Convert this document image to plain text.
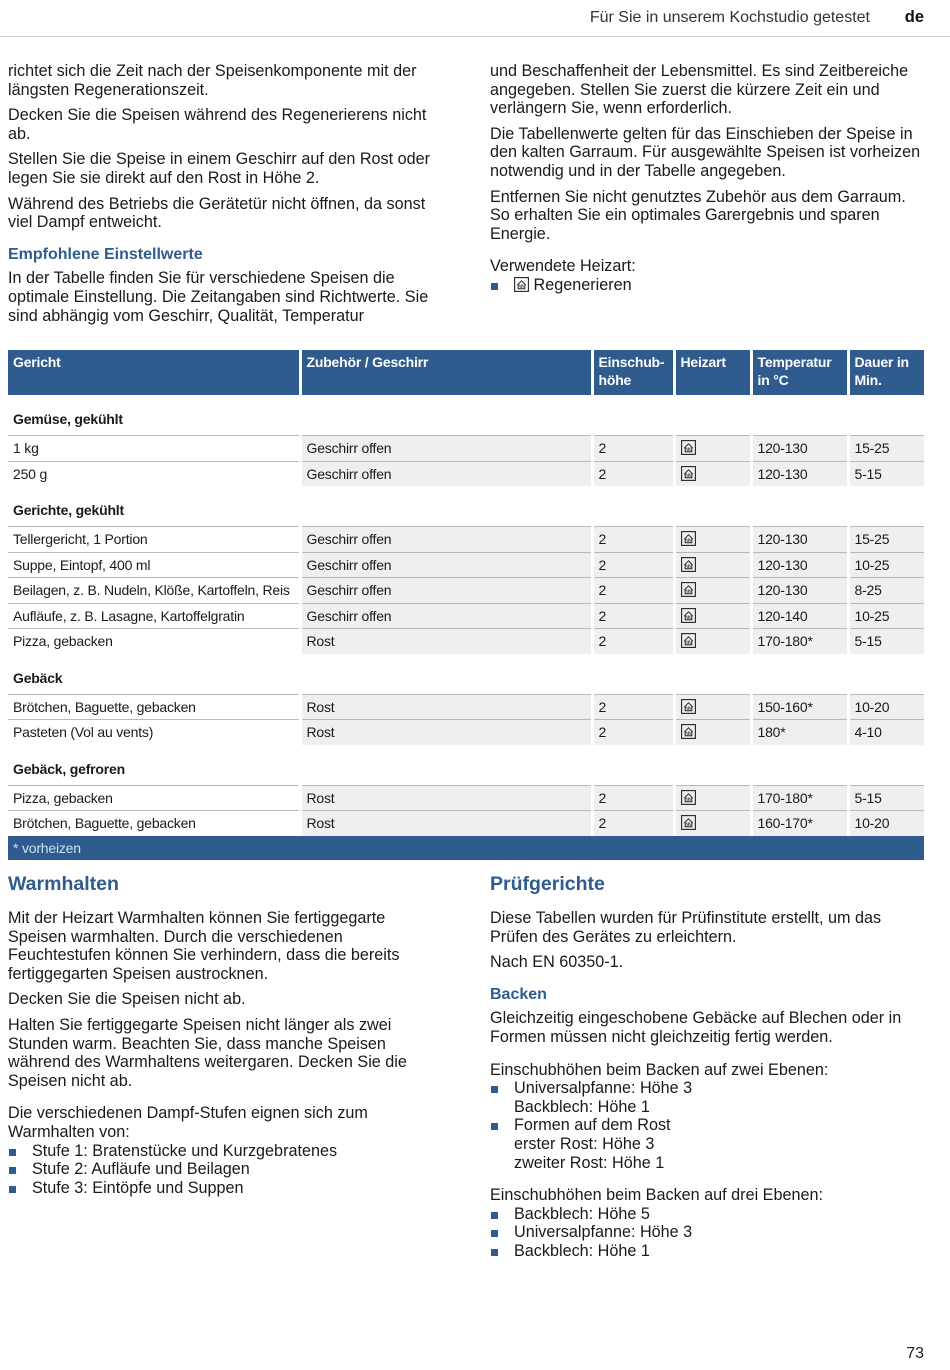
Für Sie in unserem Kochstudio getestet de

richtet sich die Zeit nach der Speisenkomponente mit der längsten Regenerationszeit.

Decken Sie die Speisen während des Regenerierens nicht ab.

Stellen Sie die Speise in einem Geschirr auf den Rost oder legen Sie sie direkt auf den Rost in Höhe 2.

Während des Betriebs die Gerätetür nicht öffnen, da sonst viel Dampf entweicht.

Empfohlene Einstellwerte

In der Tabelle finden Sie für verschiedene Speisen die optimale Einstellung. Die Zeitangaben sind Richtwerte. Sie sind abhängig vom Geschirr, Qualität, Temperatur

und Beschaffenheit der Lebensmittel. Es sind Zeitbereiche angegeben. Stellen Sie zuerst die kürzere Zeit ein und verlängern Sie, wenn erforderlich.

Die Tabellenwerte gelten für das Einschieben der Speise in den kalten Garraum. Für ausgewählte Speisen ist vorheizen notwendig und in der Tabelle angegeben.

Entfernen Sie nicht genutztes Zubehör aus dem Garraum. So erhalten Sie ein optimales Garergebnis und sparen Energie.

Verwendete Heizart:

Regenerieren
Gericht	Zubehör / Geschirr	Einschub-höhe	Heizart	Temperatur in °C	Dauer in Min.
Gemüse, gekühlt					
1 kg	Geschirr offen	2		120-130	15-25
250 g	Geschirr offen	2		120-130	5-15
Gerichte, gekühlt					
Tellergericht, 1 Portion	Geschirr offen	2		120-130	15-25
Suppe, Eintopf, 400 ml	Geschirr offen	2		120-130	10-25
Beilagen, z. B. Nudeln, Klöße, Kartoffeln, Reis	Geschirr offen	2		120-130	8-25
Aufläufe, z. B. Lasagne, Kartoffelgratin	Geschirr offen	2		120-140	10-25
Pizza, gebacken	Rost	2		170-180*	5-15
Gebäck					
Brötchen, Baguette, gebacken	Rost	2		150-160*	10-20
Pasteten (Vol au vents)	Rost	2		180*	4-10
Gebäck, gefroren					
Pizza, gebacken	Rost	2		170-180*	5-15
Brötchen, Baguette, gebacken	Rost	2		160-170*	10-20
* vorheizen					
Warmhalten

Mit der Heizart Warmhalten können Sie fertiggegarte Speisen warmhalten. Durch die verschiedenen Feuchtestufen können Sie verhindern, dass die bereits fertiggegarten Speisen austrocknen.

Decken Sie die Speisen nicht ab.

Halten Sie fertiggegarte Speisen nicht länger als zwei Stunden warm. Beachten Sie, dass manche Speisen während des Warmhaltens weitergaren. Decken Sie die Speisen nicht ab.

Die verschiedenen Dampf-Stufen eignen sich zum Warmhalten von:

Stufe 1: Bratenstücke und Kurzgebratenes
Stufe 2: Aufläufe und Beilagen
Stufe 3: Eintöpfe und Suppen
Prüfgerichte

Diese Tabellen wurden für Prüfinstitute erstellt, um das Prüfen des Gerätes zu erleichtern.

Nach EN 60350-1.

Backen

Gleichzeitig eingeschobene Gebäcke auf Blechen oder in Formen müssen nicht gleichzeitig fertig werden.

Einschubhöhen beim Backen auf zwei Ebenen:

Universalpfanne: Höhe 3
Backblech: Höhe 1
Formen auf dem Rost
erster Rost: Höhe 3
zweiter Rost: Höhe 1

Einschubhöhen beim Backen auf drei Ebenen:

Backblech: Höhe 5
Universalpfanne: Höhe 3
Backblech: Höhe 1
73
